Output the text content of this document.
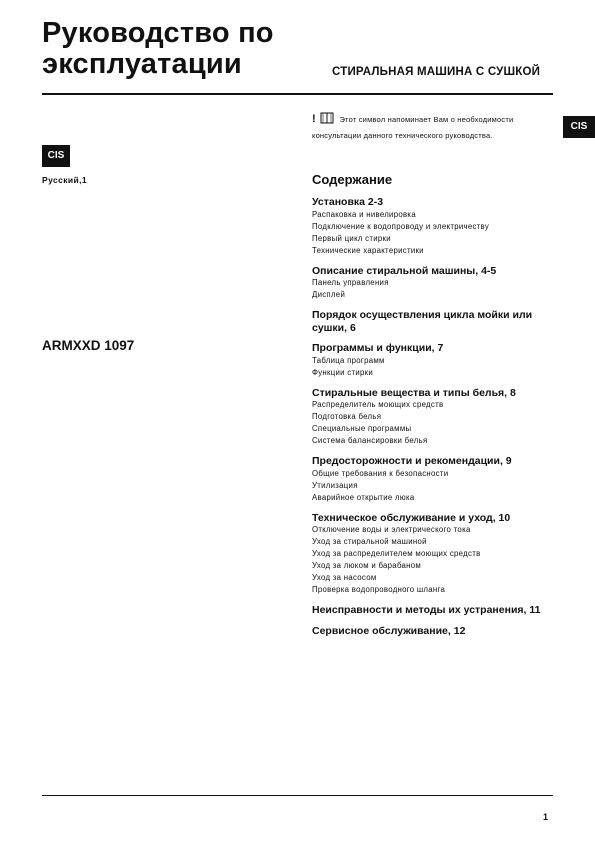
Руководство по
эксплуатации	СТИРАЛЬНАЯ МАШИНА С СУШКОЙ
CIS
CIS
Русский,1
ARMXXD 1097
!	Этот символ напоминает Вам о необходимости консультации данного технического руководства.
Содержание
Установка 2-3
Распаковка и нивелировка
Подключение к водопроводу и электричеству
Первый цикл стирки
Технические характеристики
Описание стиральной машины, 4-5
Панель управления
Дисплей
Порядок осуществления цикла мойки или сушки, 6
Программы и функции, 7
Таблица программ
Функции стирки
Стиральные вещества и типы белья, 8
Распределитель моющих средств
Подготовка белья
Специальные программы
Система балансировки белья
Предосторожности и рекомендации, 9
Общие требования к безопасности
Утилизация
Аварийное открытие люка
Техническое обслуживание и уход, 10
Отключение воды и электрического тока
Уход за стиральной машиной
Уход за распределителем моющих средств
Уход за люком и барабаном
Уход за насосом
Проверка водопроводного шланга
Неисправности и методы их устранения, 11
Сервисное обслуживание, 12
1
